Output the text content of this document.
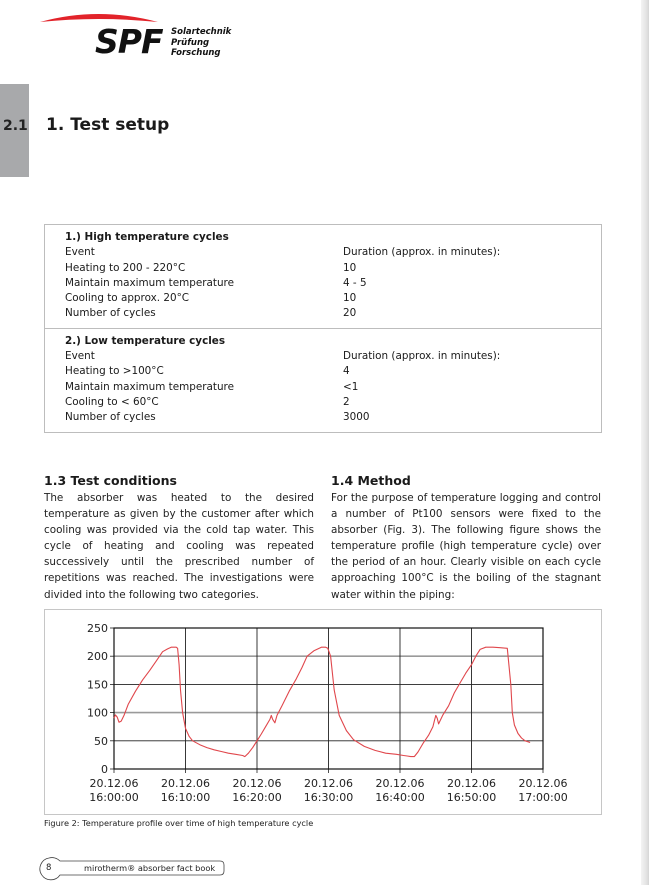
SPF Solartechnik
Prüfung
Forschung
2.1 1. Test setup
1.) High temperature cycles
Event	Duration (approx. in minutes):
Heating to 200 - 220°C	10
Maintain maximum temperature	4 - 5
Cooling to approx. 20°C	10
Number of cycles	20
2.) Low temperature cycles
Event	Duration (approx. in minutes):
Heating to >100°C	4
Maintain maximum temperature	<1
Cooling to < 60°C	2
Number of cycles	3000
1.3 Test conditions

The absorber was heated to the desired temperature as given by the customer after which cooling was provided via the cold tap water. This cycle of heating and cooling was repeated successively until the prescribed number of repetitions was reached. The investigations were divided into the following two categories.

1.4 Method

For the purpose of temperature logging and control a number of Pt100 sensors were fixed to the absorber (Fig. 3). The following figure shows the temperature profile (high temperature cycle) over the period of an hour. Clearly visible on each cycle approaching 100°C is the boiling of the stagnant water within the piping:

0
50
100
150
200
250
20.12.06
16:00:00
20.12.06
16:10:00
20.12.06
16:20:00
20.12.06
16:30:00
20.12.06
16:40:00
20.12.06
16:50:00
20.12.06
17:00:00
Figure 2: Temperature profile over time of high temperature cycle
8	mirotherm® absorber fact book
